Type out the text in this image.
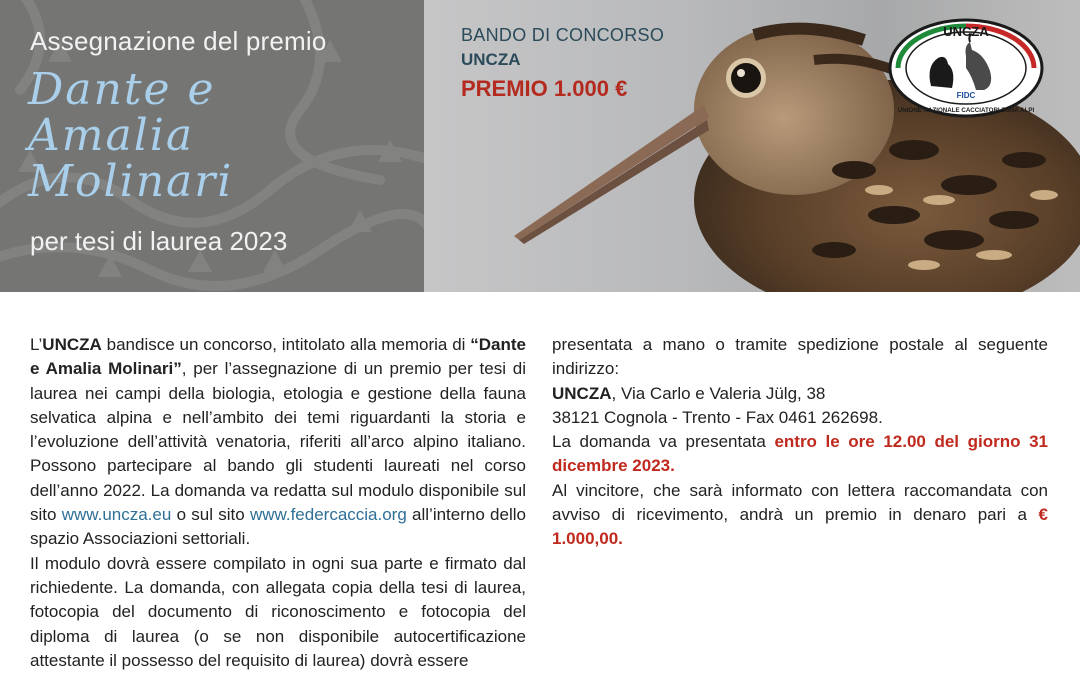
Assegnazione del premio
Dante e
Amalia
Molinari
per tesi di laurea 2023
BANDO DI CONCORSO
UNCZA
PREMIO 1.000 €
UNCZA
FIDC
UNIONE NAZIONALE CACCIATORI ZONA ALPI

L’UNCZA bandisce un concorso, intitolato alla memoria di “Dante e Amalia Molinari”, per l’assegnazione di un premio per tesi di laurea nei campi della biologia, etologia e gestione della fauna selvatica alpina e nell’ambito dei temi riguardanti la storia e l’evoluzione dell’attività venatoria, riferiti all’arco alpino italiano. Possono partecipare al bando gli studenti laureati nel corso dell’anno 2022. La domanda va redatta sul modulo disponibile sul sito www.uncza.eu o sul sito www.federcaccia.org all’interno dello spazio Associazioni settoriali.

Il modulo dovrà essere compilato in ogni sua parte e firmato dal richiedente. La domanda, con allegata copia della tesi di laurea, fotocopia del documento di riconoscimento e fotocopia del diploma di laurea (o se non disponibile autocertificazione attestante il possesso del requisito di laurea) dovrà essere

presentata a mano o tramite spedizione postale al seguente indirizzo:

UNCZA, Via Carlo e Valeria Jülg, 38

38121 Cognola - Trento - Fax 0461 262698.

La domanda va presentata entro le ore 12.00 del giorno 31 dicembre 2023.

Al vincitore, che sarà informato con lettera raccomandata con avviso di ricevimento, andrà un premio in denaro pari a € 1.000,00.
